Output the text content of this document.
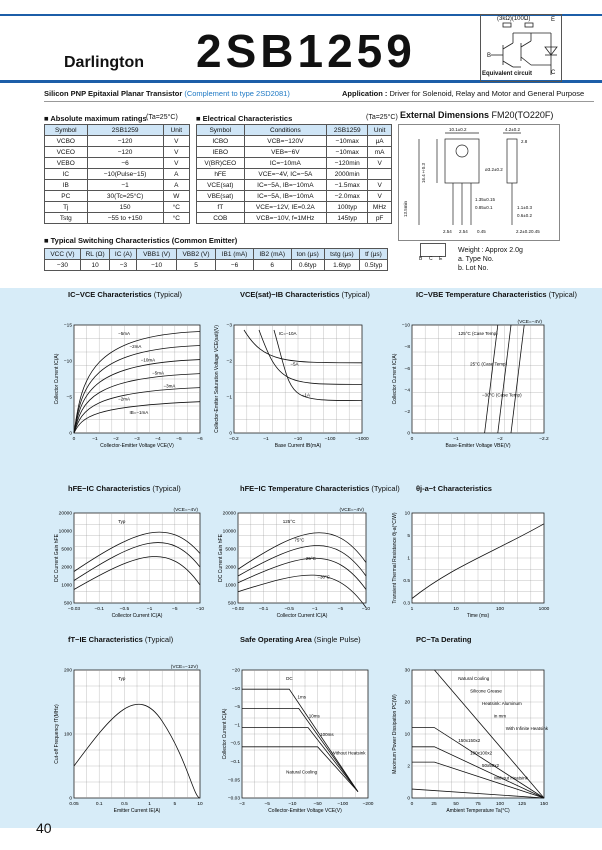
Darlington 2SB1259
(3kΩ)(100Ω)
B
E
C
Equivalent circuit
Silicon PNP Epitaxial Planar Transistor (Complement to type 2SD2081)	Application : Driver for Solenoid, Relay and Motor and General Purpose
■ Absolute maximum ratings (Ta=25°C)
Symbol	2SB1259	Unit
VCBO	−120	V
VCEO	−120	V
VEBO	−6	V
IC	−10(Pulse−15)	A
IB	−1	A
PC	30(Tc=25°C)	W
Tj	150	°C
Tstg	−55 to +150	°C
■ Electrical Characteristics	(Ta=25°C)
Symbol	Conditions	2SB1259	Unit
ICBO	VCB=−120V	−10max	μA
IEBO	VEB=−6V	−10max	mA
V(BR)CEO	IC=−10mA	−120min	V
hFE	VCE=−4V, IC=−5A	2000min	
VCE(sat)	IC=−5A, IB=−10mA	−1.5max	V
VBE(sat)	IC=−5A, IB=−10mA	−2.0max	V
fT	VCE=−12V, IE=0.2A	100typ	MHz
COB	VCB=−10V, f=1MHz	145typ	pF
External Dimensions FM20(TO220F)
10.1±0.2	4.2±0.2
2.8
ø3.2±0.2
16.4±0.3
13.5min
1.35±0.15
0.85±0.1
2.54 2.54 0.45	2.2±0.2 0.45
1.1±0.3
0.6±0.2
B C E
Weight : Approx 2.0g
a. Type No.
b. Lot No.
■ Typical Switching Characteristics (Common Emitter)
VCC (V)	RL (Ω)	IC (A)	VBB1 (V)	VBB2 (V)	IB1 (mA)	IB2 (mA)	ton (μs)	tstg (μs)	tf (μs)
−30	10	−3	−10	5	−6	6	0.6typ	1.6typ	0.5typ
IC−VCE Characteristics (Typical)
0	−1	−2	−3	−4	−5	−6
0
−5
−10
−15
Collector-Emitter Voltage VCE(V)
Collector Current IC(A)
−5mA
−2mA
−10mA
−5mA
−3mA
−2mA
IB=−1mA
VCE(sat)−IB Characteristics (Typical)
−0.2	−1	−10	−100	−1000
0
−1
−2
−3
Base Current IB(mA)
Collector-Emitter Saturation Voltage VCE(sat)(V)	IC=−10A
−5A
−1A
IC−VBE Temperature Characteristics (Typical)
0	−1	−2	−2.2
0
−2
−4
−6
−8
−10
Base-Emitter Voltage VBE(V)
Collector Current IC(A)
(VCE=−4V)
125°C (Case Temp)
25°C (Case Temp)
−30°C (Case Temp)
hFE−IC Characteristics (Typical)
−0.03	−0.1	−0.5	−1	−5	−10
500
1000
2000
5000
10000
20000
Collector Current IC(A)
DC Current Gain hFE
(VCE=−4V)
Typ
hFE−IC Temperature Characteristics (Typical)
−0.02	−0.1	−0.5	−1	−5	−10
500
1000
2000
5000
10000
20000
Collector Current IC(A)
DC Current Gain hFE
(VCE=−4V)
125°C
75°C
25°C
−30°C
θj-a−t Characteristics
1	10	100	1000
0.3
0.5
1
5
10
Time (ms)
Transient Thermal Resistance θj-a(°C/W)
fT−IE Characteristics (Typical)
0.05	0.1	0.5	1	5	10
0
100
200
Emitter Current IE(A)
Cut-off Frequency fT(MHz)
(VCE=−12V)
Typ
Safe Operating Area (Single Pulse)
−3	−5	−10	−50	−100	−200
−0.03
−0.05
−0.1
−0.5
−1
−5
−10
−20
Collector-Emitter Voltage VCE(V)
Collector Current IC(A)
DC
1ms
10ms
100ms
Without Heatsink
Natural Cooling
PC−Ta Derating
0	25	50	75	100	125	150
0
2
10
20
30
Ambient Temperature Ta(°C)
Maximum Power Dissipation PC(W)
Natural Cooling
Silicone Grease
Heatsink: Aluminum
in mm
With Infinite Heatsink
150x150x2
100x100x2
50x50x2
Without Heatsink
40
